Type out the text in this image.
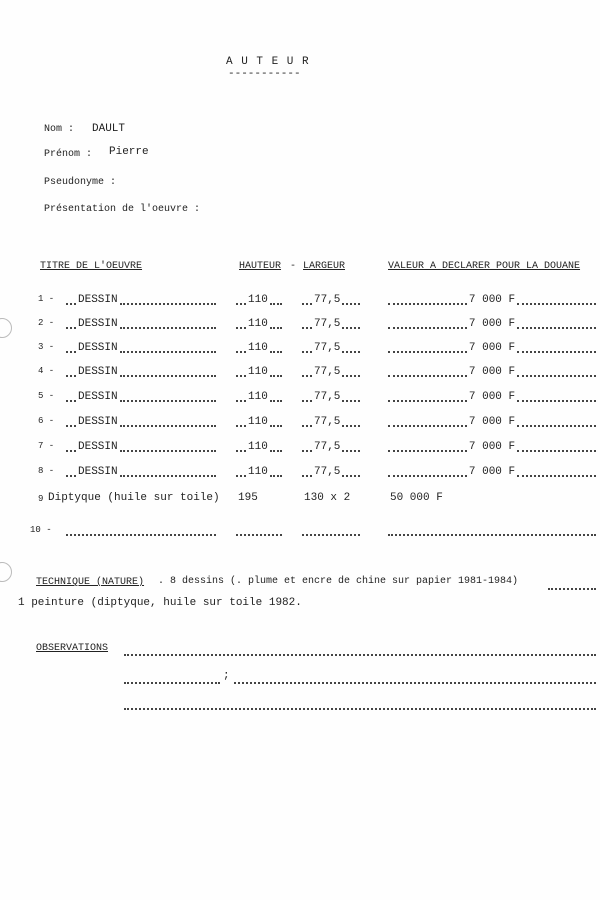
A U T E U R
-----------
Nom : DAULT
Prénom : Pierre
Pseudonyme :
Présentation de l'oeuvre :
TITRE DE L'OEUVRE	HAUTEUR - LARGEUR	VALEUR A DECLARER POUR LA DOUANE
1 - DESSIN	110	77,5	7 000 F
2 - DESSIN	110	77,5	7 000 F
3 - DESSIN	110	77,5	7 000 F
4 - DESSIN	110	77,5	7 000 F
5 - DESSIN	110	77,5	7 000 F
6 - DESSIN	110	77,5	7 000 F
7 - DESSIN	110	77,5	7 000 F
8 - DESSIN	110	77,5	7 000 F
9 Diptyque (huile sur toile) 195	130 x 2	50 000 F
10 -
TECHNIQUE (NATURE) . 8 dessins (. plume et encre de chine sur papier 1981-1984)
1 peinture (diptyque, huile sur toile 1982.
OBSERVATIONS
;
